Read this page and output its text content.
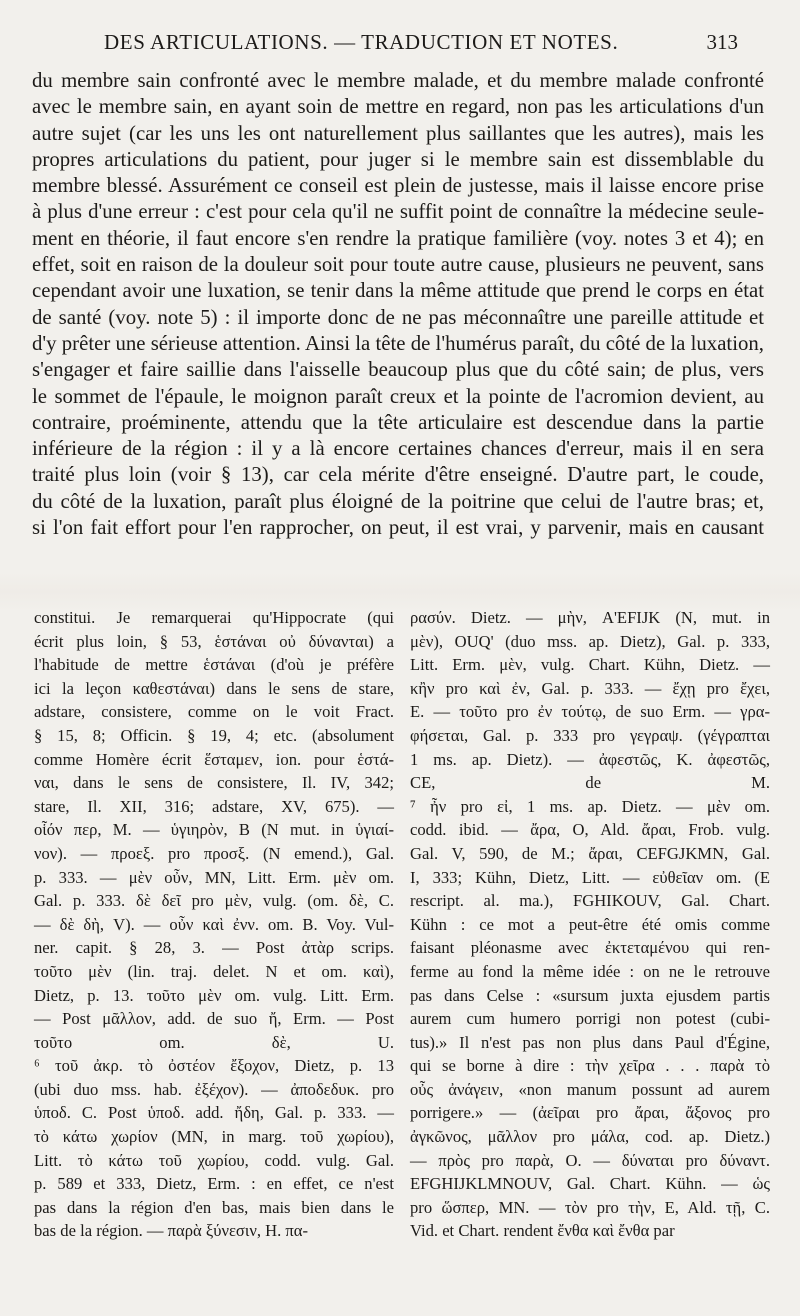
DES ARTICULATIONS. — TRADUCTION ET NOTES.	313
du membre sain confronté avec le membre malade, et du membre malade confronté
avec le membre sain, en ayant soin de mettre en regard, non pas les articulations d'un
autre sujet (car les uns les ont naturellement plus saillantes que les autres), mais les
propres articulations du patient, pour juger si le membre sain est dissemblable du
membre blessé. Assurément ce conseil est plein de justesse, mais il laisse encore prise
à plus d'une erreur : c'est pour cela qu'il ne suffit point de connaître la médecine seule-
ment en théorie, il faut encore s'en rendre la pratique familière (voy. notes 3 et 4); en
effet, soit en raison de la douleur soit pour toute autre cause, plusieurs ne peuvent, sans
cependant avoir une luxation, se tenir dans la même attitude que prend le corps en état
de santé (voy. note 5) : il importe donc de ne pas méconnaître une pareille attitude et
d'y prêter une sérieuse attention. Ainsi la tête de l'humérus paraît, du côté de la luxation,
s'engager et faire saillie dans l'aisselle beaucoup plus que du côté sain; de plus, vers
le sommet de l'épaule, le moignon paraît creux et la pointe de l'acromion devient, au
contraire, proéminente, attendu que la tête articulaire est descendue dans la partie
inférieure de la région : il y a là encore certaines chances d'erreur, mais il en sera
traité plus loin (voir § 13), car cela mérite d'être enseigné. D'autre part, le coude,
du côté de la luxation, paraît plus éloigné de la poitrine que celui de l'autre bras; et,
si l'on fait effort pour l'en rapprocher, on peut, il est vrai, y parvenir, mais en causant
constitui. Je remarquerai qu'Hippocrate (qui
écrit plus loin, § 53, ἑστάναι οὐ δύνανται) a
l'habitude de mettre ἑστάναι (d'où je préfère
ici la leçon καθεστάναι) dans le sens de stare,
adstare, consistere, comme on le voit Fract.
§ 15, 8; Officin. § 19, 4; etc. (absolument
comme Homère écrit ἕσταμεν, ion. pour ἑστά-
ναι, dans le sens de consistere, Il. IV, 342;
stare, Il. XII, 316; adstare, XV, 675). —
οἷόν περ, M. — ὑγιηρὸν, B (N mut. in ὑγιαί-
νον). — προεξ. pro προσξ. (N emend.), Gal.
p. 333. — μὲν οὖν, MN, Litt. Erm. μὲν om.
Gal. p. 333. δὲ δεῖ pro μὲν, vulg. (om. δὲ, C.
— δὲ δὴ, V). — οὖν καὶ ἐνν. om. B. Voy. Vul-
ner. capit. § 28, 3. — Post ἀτὰρ scrips.
τοῦτο μὲν (lin. traj. delet. N et om. καὶ),
Dietz, p. 13. τοῦτο μὲν om. vulg. Litt. Erm.
— Post μᾶλλον, add. de suo ἤ, Erm. — Post
τοῦτο om. δὲ, U.
⁶ τοῦ ἀκρ. τὸ ὀστέον ἔξοχον, Dietz, p. 13
(ubi duo mss. hab. ἐξέχον). — ἀποδεδυκ. pro
ὑποδ. C. Post ὑποδ. add. ἤδη, Gal. p. 333. —
τὸ κάτω χωρίον (MN, in marg. τοῦ χωρίου),
Litt. τὸ κάτω τοῦ χωρίου, codd. vulg. Gal.
p. 589 et 333, Dietz, Erm. : en effet, ce n'est
pas dans la région d'en bas, mais bien dans le
bas de la région. — παρὰ ξύνεσιν, H. πα-
ρασύν. Dietz. — μὴν, A'EFIJK (N, mut. in
μὲν), OUQ' (duo mss. ap. Dietz), Gal. p. 333,
Litt. Erm. μὲν, vulg. Chart. Kühn, Dietz. —
κἢν pro καὶ ἐν, Gal. p. 333. — ἔχῃ pro ἔχει,
E. — τοῦτο pro ἐν τούτῳ, de suo Erm. — γρα-
φήσεται, Gal. p. 333 pro γεγραψ. (γέγραπται
1 ms. ap. Dietz). — ἀφεστῶς, K. ἀφεστῶς,
CE, de M.
⁷ ἦν pro εἰ, 1 ms. ap. Dietz. — μὲν om.
codd. ibid. — ἄρα, O, Ald. ἄραι, Frob. vulg.
Gal. V, 590, de M.; ἄραι, CEFGJKMN, Gal.
I, 333; Kühn, Dietz, Litt. — εὐθεῖαν om. (E
rescript. al. ma.), FGHIKOUV, Gal. Chart.
Kühn : ce mot a peut-être été omis comme
faisant pléonasme avec ἐκτεταμένου qui ren-
ferme au fond la même idée : on ne le retrouve
pas dans Celse : «sursum juxta ejusdem partis
aurem cum humero porrigi non potest (cubi-
tus).» Il n'est pas non plus dans Paul d'Égine,
qui se borne à dire : τὴν χεῖρα . . . παρὰ τὸ
οὖς ἀνάγειν, «non manum possunt ad aurem
porrigere.» — (ἀεῖραι pro ἄραι, ἄξονος pro
ἀγκῶνος, μᾶλλον pro μάλα, cod. ap. Dietz.)
— πρὸς pro παρὰ, O. — δύναται pro δύναντ.
EFGHIJKLMNOUV, Gal. Chart. Kühn. — ὡς
pro ὥσπερ, MN. — τὸν pro τὴν, E, Ald. τῇ, C.
Vid. et Chart. rendent ἔνθα καὶ ἔνθα par
